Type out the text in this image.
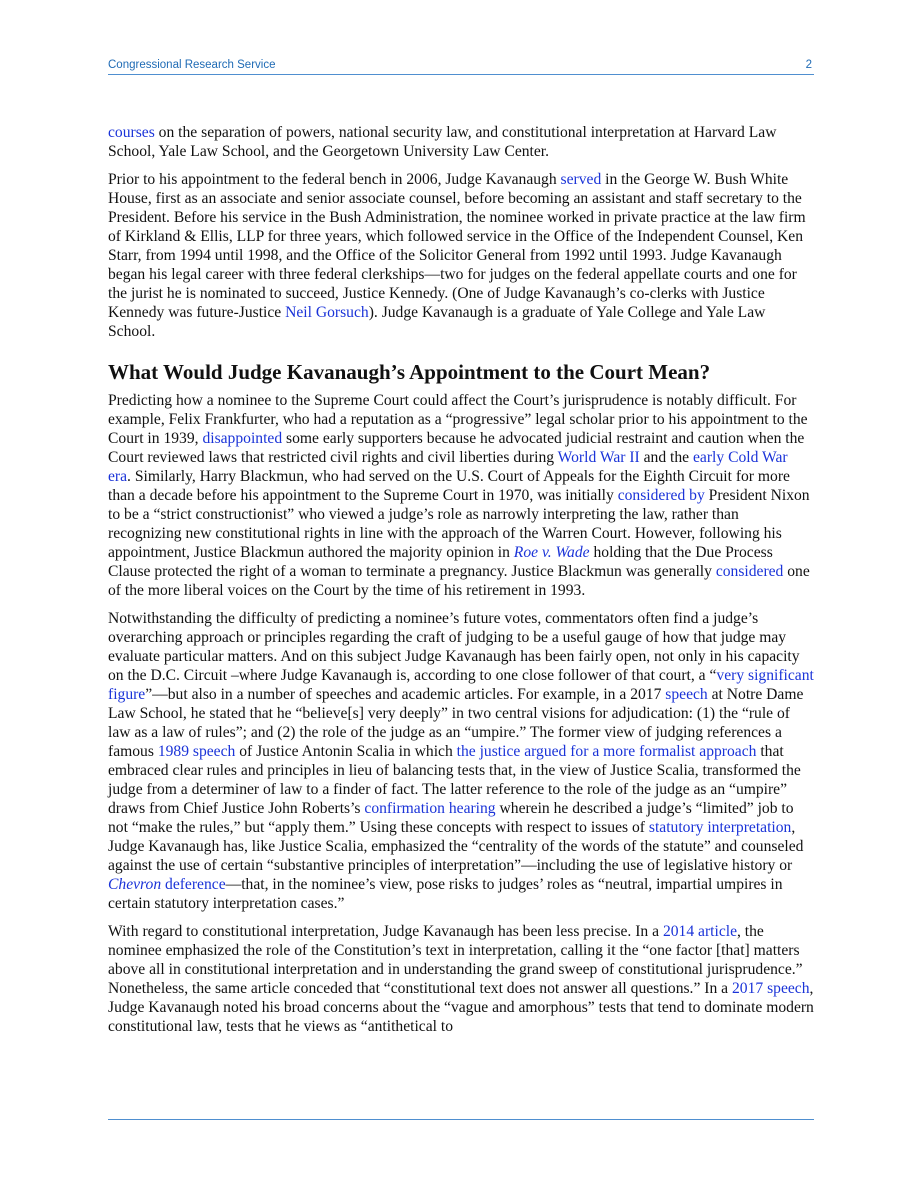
Congressional Research Service	2

courses on the separation of powers, national security law, and constitutional interpretation at Harvard Law School, Yale Law School, and the Georgetown University Law Center.

Prior to his appointment to the federal bench in 2006, Judge Kavanaugh served in the George W. Bush White House, first as an associate and senior associate counsel, before becoming an assistant and staff secretary to the President. Before his service in the Bush Administration, the nominee worked in private practice at the law firm of Kirkland & Ellis, LLP for three years, which followed service in the Office of the Independent Counsel, Ken Starr, from 1994 until 1998, and the Office of the Solicitor General from 1992 until 1993. Judge Kavanaugh began his legal career with three federal clerkships—two for judges on the federal appellate courts and one for the jurist he is nominated to succeed, Justice Kennedy. (One of Judge Kavanaugh’s co-clerks with Justice Kennedy was future-Justice Neil Gorsuch). Judge Kavanaugh is a graduate of Yale College and Yale Law School.

What Would Judge Kavanaugh’s Appointment to the Court Mean?

Predicting how a nominee to the Supreme Court could affect the Court’s jurisprudence is notably difficult. For example, Felix Frankfurter, who had a reputation as a “progressive” legal scholar prior to his appointment to the Court in 1939, disappointed some early supporters because he advocated judicial restraint and caution when the Court reviewed laws that restricted civil rights and civil liberties during World War II and the early Cold War era. Similarly, Harry Blackmun, who had served on the U.S. Court of Appeals for the Eighth Circuit for more than a decade before his appointment to the Supreme Court in 1970, was initially considered by President Nixon to be a “strict constructionist” who viewed a judge’s role as narrowly interpreting the law, rather than recognizing new constitutional rights in line with the approach of the Warren Court. However, following his appointment, Justice Blackmun authored the majority opinion in Roe v. Wade holding that the Due Process Clause protected the right of a woman to terminate a pregnancy. Justice Blackmun was generally considered one of the more liberal voices on the Court by the time of his retirement in 1993.

Notwithstanding the difficulty of predicting a nominee’s future votes, commentators often find a judge’s overarching approach or principles regarding the craft of judging to be a useful gauge of how that judge may evaluate particular matters. And on this subject Judge Kavanaugh has been fairly open, not only in his capacity on the D.C. Circuit –where Judge Kavanaugh is, according to one close follower of that court, a “very significant figure”—but also in a number of speeches and academic articles. For example, in a 2017 speech at Notre Dame Law School, he stated that he “believe[s] very deeply” in two central visions for adjudication: (1) the “rule of law as a law of rules”; and (2) the role of the judge as an “umpire.” The former view of judging references a famous 1989 speech of Justice Antonin Scalia in which the justice argued for a more formalist approach that embraced clear rules and principles in lieu of balancing tests that, in the view of Justice Scalia, transformed the judge from a determiner of law to a finder of fact. The latter reference to the role of the judge as an “umpire” draws from Chief Justice John Roberts’s confirmation hearing wherein he described a judge’s “limited” job to not “make the rules,” but “apply them.” Using these concepts with respect to issues of statutory interpretation, Judge Kavanaugh has, like Justice Scalia, emphasized the “centrality of the words of the statute” and counseled against the use of certain “substantive principles of interpretation”—including the use of legislative history or Chevron deference—that, in the nominee’s view, pose risks to judges’ roles as “neutral, impartial umpires in certain statutory interpretation cases.”

With regard to constitutional interpretation, Judge Kavanaugh has been less precise. In a 2014 article, the nominee emphasized the role of the Constitution’s text in interpretation, calling it the “one factor [that] matters above all in constitutional interpretation and in understanding the grand sweep of constitutional jurisprudence.” Nonetheless, the same article conceded that “constitutional text does not answer all questions.” In a 2017 speech, Judge Kavanaugh noted his broad concerns about the “vague and amorphous” tests that tend to dominate modern constitutional law, tests that he views as “antithetical to
